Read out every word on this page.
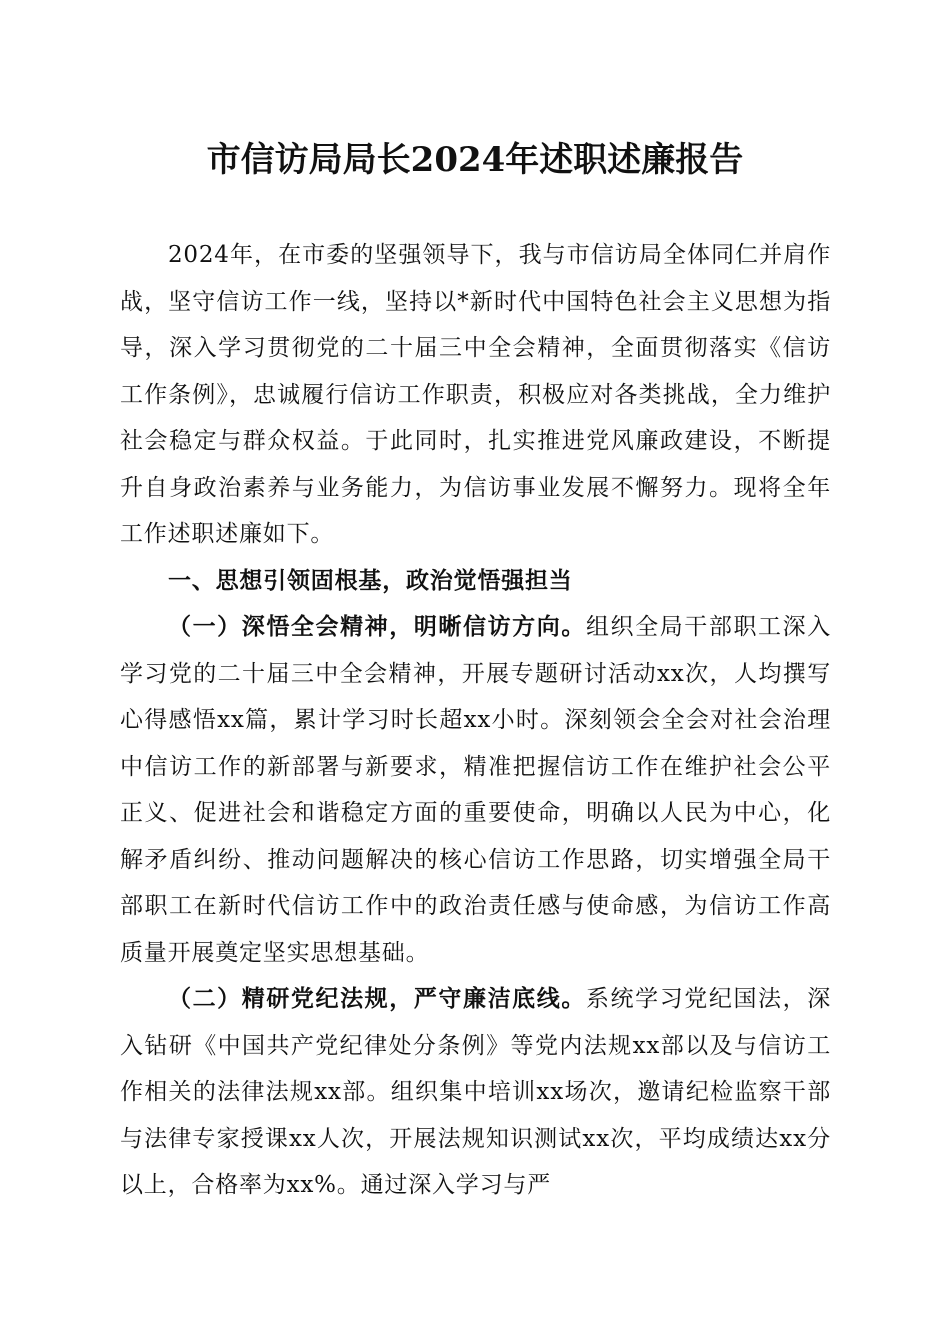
市信访局局长2024年述职述廉报告

2024年，在市委的坚强领导下，我与市信访局全体同仁并肩作战，坚守信访工作一线，坚持以*新时代中国特色社会主义思想为指导，深入学习贯彻党的二十届三中全会精神，全面贯彻落实《信访工作条例》，忠诚履行信访工作职责，积极应对各类挑战，全力维护社会稳定与群众权益。于此同时，扎实推进党风廉政建设，不断提升自身政治素养与业务能力，为信访事业发展不懈努力。现将全年工作述职述廉如下。

一、思想引领固根基，政治觉悟强担当

（一）深悟全会精神，明晰信访方向。组织全局干部职工深入学习党的二十届三中全会精神，开展专题研讨活动xx次，人均撰写心得感悟xx篇，累计学习时长超xx小时。深刻领会全会对社会治理中信访工作的新部署与新要求，精准把握信访工作在维护社会公平正义、促进社会和谐稳定方面的重要使命，明确以人民为中心，化解矛盾纠纷、推动问题解决的核心信访工作思路，切实增强全局干部职工在新时代信访工作中的政治责任感与使命感，为信访工作高质量开展奠定坚实思想基础。

（二）精研党纪法规，严守廉洁底线。系统学习党纪国法，深入钻研《中国共产党纪律处分条例》等党内法规xx部以及与信访工作相关的法律法规xx部。组织集中培训xx场次，邀请纪检监察干部与法律专家授课xx人次，开展法规知识测试xx次，平均成绩达xx分以上，合格率为xx%。通过深入学习与严
